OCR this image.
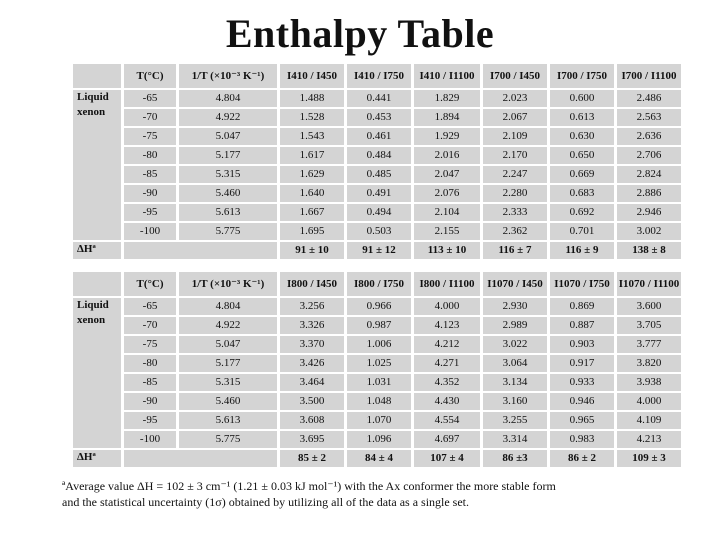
Enthalpy Table
	T(°C)	1/T (×10⁻³ K⁻¹)	I410 / I450	I410 / I750	I410 / I1100	I700 / I450	I700 / I750	I700 / I1100
Liquid xenon	-65	4.804	1.488	0.441	1.829	2.023	0.600	2.486
	-70	4.922	1.528	0.453	1.894	2.067	0.613	2.563
	-75	5.047	1.543	0.461	1.929	2.109	0.630	2.636
	-80	5.177	1.617	0.484	2.016	2.170	0.650	2.706
	-85	5.315	1.629	0.485	2.047	2.247	0.669	2.824
	-90	5.460	1.640	0.491	2.076	2.280	0.683	2.886
	-95	5.613	1.667	0.494	2.104	2.333	0.692	2.946
	-100	5.775	1.695	0.503	2.155	2.362	0.701	3.002
ΔHª			91 ± 10	91 ± 12	113 ± 10	116 ± 7	116 ± 9	138 ± 8
	T(°C)	1/T (×10⁻³ K⁻¹)	I800 / I450	I800 / I750	I800 / I1100	I1070 / I450	I1070 / I750	I1070 / I1100
Liquid xenon	-65	4.804	3.256	0.966	4.000	2.930	0.869	3.600
	-70	4.922	3.326	0.987	4.123	2.989	0.887	3.705
	-75	5.047	3.370	1.006	4.212	3.022	0.903	3.777
	-80	5.177	3.426	1.025	4.271	3.064	0.917	3.820
	-85	5.315	3.464	1.031	4.352	3.134	0.933	3.938
	-90	5.460	3.500	1.048	4.430	3.160	0.946	4.000
	-95	5.613	3.608	1.070	4.554	3.255	0.965	4.109
	-100	5.775	3.695	1.096	4.697	3.314	0.983	4.213
ΔHª			85 ± 2	84 ± 4	107 ± 4	86 ±3	86 ± 2	109 ± 3
ªAverage value ΔH = 102 ± 3 cm⁻¹ (1.21 ± 0.03 kJ mol⁻¹) with the Ax conformer the more stable form
and the statistical uncertainty (1σ) obtained by utilizing all of the data as a single set.
